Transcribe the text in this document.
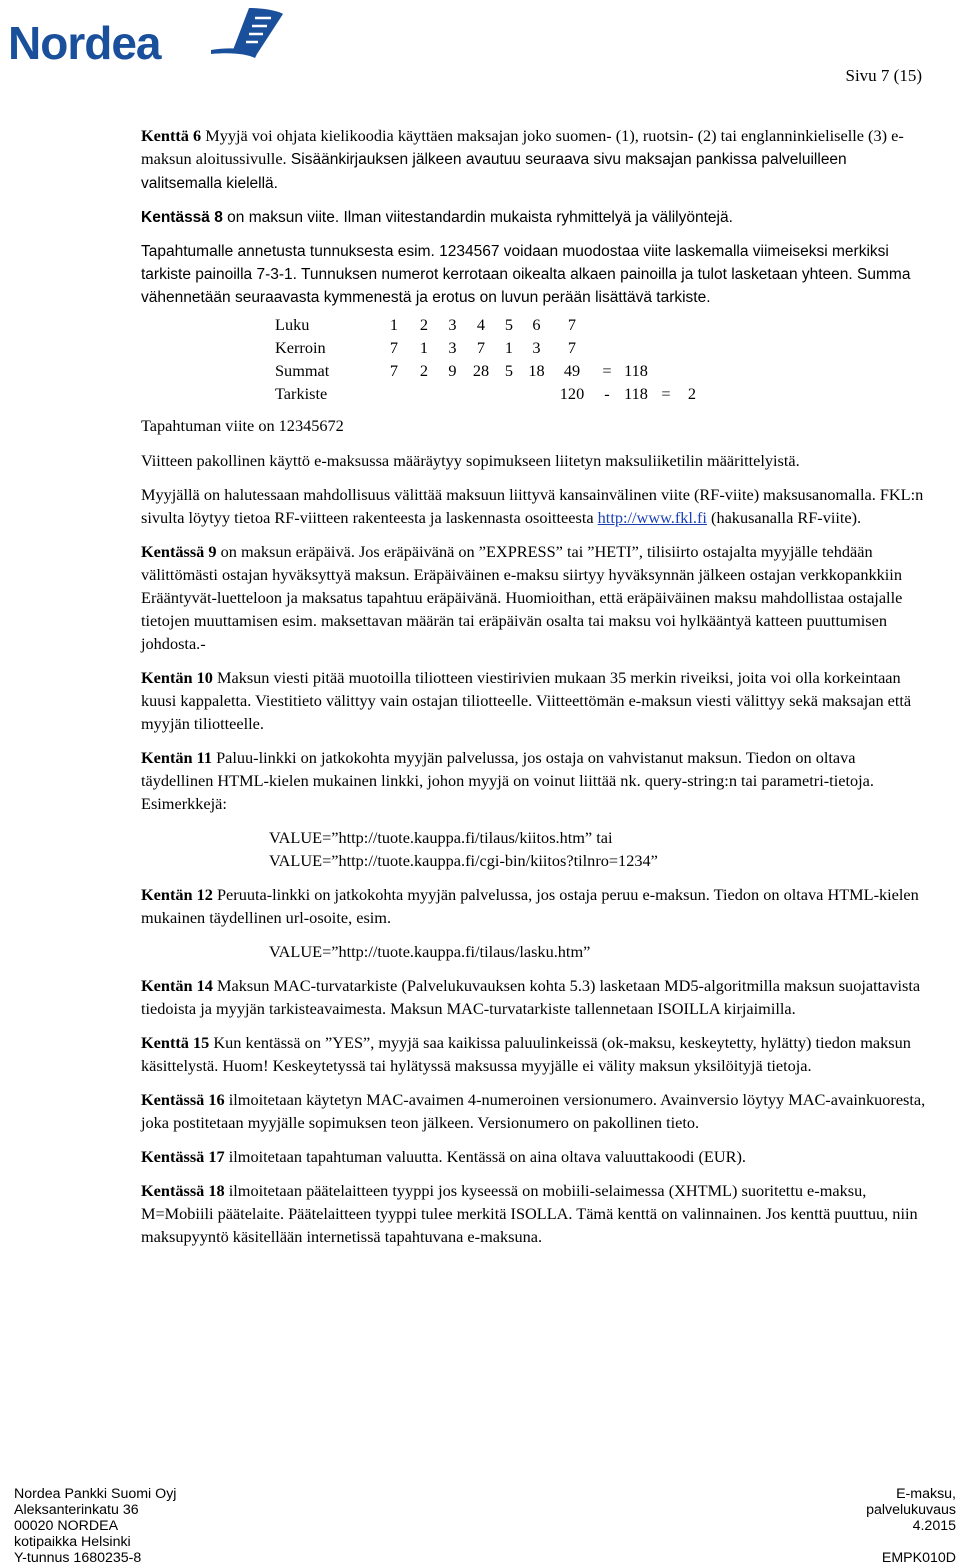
Nordea
Sivu 7 (15)

Kenttä 6 Myyjä voi ohjata kielikoodia käyttäen maksajan joko suomen- (1), ruotsin- (2) tai englanninkieliselle (3) e-maksun aloitussivulle. Sisäänkirjauksen jälkeen avautuu seuraava sivu maksajan pankissa palveluilleen valitsemalla kielellä.

Kentässä 8 on maksun viite. Ilman viitestandardin mukaista ryhmittelyä ja välilyöntejä.

Tapahtumalle annetusta tunnuksesta esim. 1234567 voidaan muodostaa viite laskemalla viimeiseksi merkiksi tarkiste painoilla 7-3-1. Tunnuksen numerot kerrotaan oikealta alkaen painoilla ja tulot lasketaan yhteen. Summa vähennetään seuraavasta kymmenestä ja erotus on luvun perään lisättävä tarkiste.

Luku	1	2	3	4	5	6	7					
Kerroin	7	1	3	7	1	3	7					
Summat	7	2	9	28	5	18	49	=	118			
Tarkiste							120	-	118	=	2	

Tapahtuman viite on 12345672

Viitteen pakollinen käyttö e-maksussa määräytyy sopimukseen liitetyn maksuliiketilin määrittelyistä.

Myyjällä on halutessaan mahdollisuus välittää maksuun liittyvä kansainvälinen viite (RF-viite) maksusanomalla. FKL:n sivulta löytyy tietoa RF-viitteen rakenteesta ja laskennasta osoitteesta http://www.fkl.fi (hakusanalla RF-viite).

Kentässä 9 on maksun eräpäivä. Jos eräpäivänä on ”EXPRESS” tai ”HETI”, tilisiirto ostajalta myyjälle tehdään välittömästi ostajan hyväksyttyä maksun. Eräpäiväinen e-maksu siirtyy hyväksynnän jälkeen ostajan verkkopankkiin Erääntyvät-luetteloon ja maksatus tapahtuu eräpäivänä. Huomioithan, että eräpäiväinen maksu mahdollistaa ostajalle tietojen muuttamisen esim. maksettavan määrän tai eräpäivän osalta tai maksu voi hylkääntyä katteen puuttumisen johdosta.-

Kentän 10 Maksun viesti pitää muotoilla tiliotteen viestirivien mukaan 35 merkin riveiksi, joita voi olla korkeintaan kuusi kappaletta. Viestitieto välittyy vain ostajan tiliotteelle. Viitteettömän e-maksun viesti välittyy sekä maksajan että myyjän tiliotteelle.

Kentän 11 Paluu-linkki on jatkokohta myyjän palvelussa, jos ostaja on vahvistanut maksun. Tiedon on oltava täydellinen HTML-kielen mukainen linkki, johon myyjä on voinut liittää nk. query-string:n tai parametri-tietoja. Esimerkkejä:

VALUE=”http://tuote.kauppa.fi/tilaus/kiitos.htm” tai
VALUE=”http://tuote.kauppa.fi/cgi-bin/kiitos?tilnro=1234”

Kentän 12 Peruuta-linkki on jatkokohta myyjän palvelussa, jos ostaja peruu e-maksun. Tiedon on oltava HTML-kielen mukainen täydellinen url-osoite, esim.

VALUE=”http://tuote.kauppa.fi/tilaus/lasku.htm”

Kentän 14 Maksun MAC-turvatarkiste (Palvelukuvauksen kohta 5.3) lasketaan MD5-algoritmilla maksun suojattavista tiedoista ja myyjän tarkisteavaimesta. Maksun MAC-turvatarkiste tallennetaan ISOILLA kirjaimilla.

Kenttä 15 Kun kentässä on ”YES”, myyjä saa kaikissa paluulinkeissä (ok-maksu, keskeytetty, hylätty) tiedon maksun käsittelystä. Huom! Keskeytetyssä tai hylätyssä maksussa myyjälle ei välity maksun yksilöityjä tietoja.

Kentässä 16 ilmoitetaan käytetyn MAC-avaimen 4-numeroinen versionumero. Avainversio löytyy MAC-avainkuoresta, joka postitetaan myyjälle sopimuksen teon jälkeen. Versionumero on pakollinen tieto.

Kentässä 17 ilmoitetaan tapahtuman valuutta. Kentässä on aina oltava valuuttakoodi (EUR).

Kentässä 18 ilmoitetaan päätelaitteen tyyppi jos kyseessä on mobiili-selaimessa (XHTML) suoritettu e-maksu, M=Mobiili päätelaite. Päätelaitteen tyyppi tulee merkitä ISOLLA. Tämä kenttä on valinnainen. Jos kenttä puuttuu, niin maksupyyntö käsitellään internetissä tapahtuvana e-maksuna.

Nordea Pankki Suomi Oyj
Aleksanterinkatu 36
00020 NORDEA
kotipaikka Helsinki
Y-tunnus 1680235-8
E-maksu,
palvelukuvaus
4.2015

EMPK010D
